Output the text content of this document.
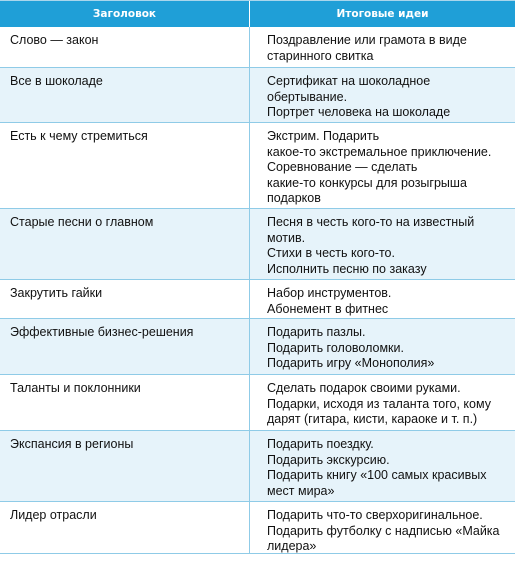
Заголовок	Итоговые идеи
Слово — закон	Поздравление или грамота в виде
старинного свитка
Все в шоколаде	Сертификат на шоколадное
обертывание.
Портрет человека на шоколаде
Есть к чему стремиться	Экстрим. Подарить
какое-то экстремальное приключение.
Соревнование — сделать
какие-то конкурсы для розыгрыша
подарков
Старые песни о главном	Песня в честь кого-то на известный
мотив.
Стихи в честь кого-то.
Исполнить песню по заказу
Закрутить гайки	Набор инструментов.
Абонемент в фитнес
Эффективные бизнес-решения	Подарить пазлы.
Подарить головоломки.
Подарить игру «Монополия»
Таланты и поклонники	Сделать подарок своими руками.
Подарки, исходя из таланта того, кому
дарят (гитара, кисти, караоке и т. п.)
Экспансия в регионы	Подарить поездку.
Подарить экскурсию.
Подарить книгу «100 самых красивых
мест мира»
Лидер отрасли	Подарить что-то сверхоригинальное.
Подарить футболку с надписью «Майка
лидера»
